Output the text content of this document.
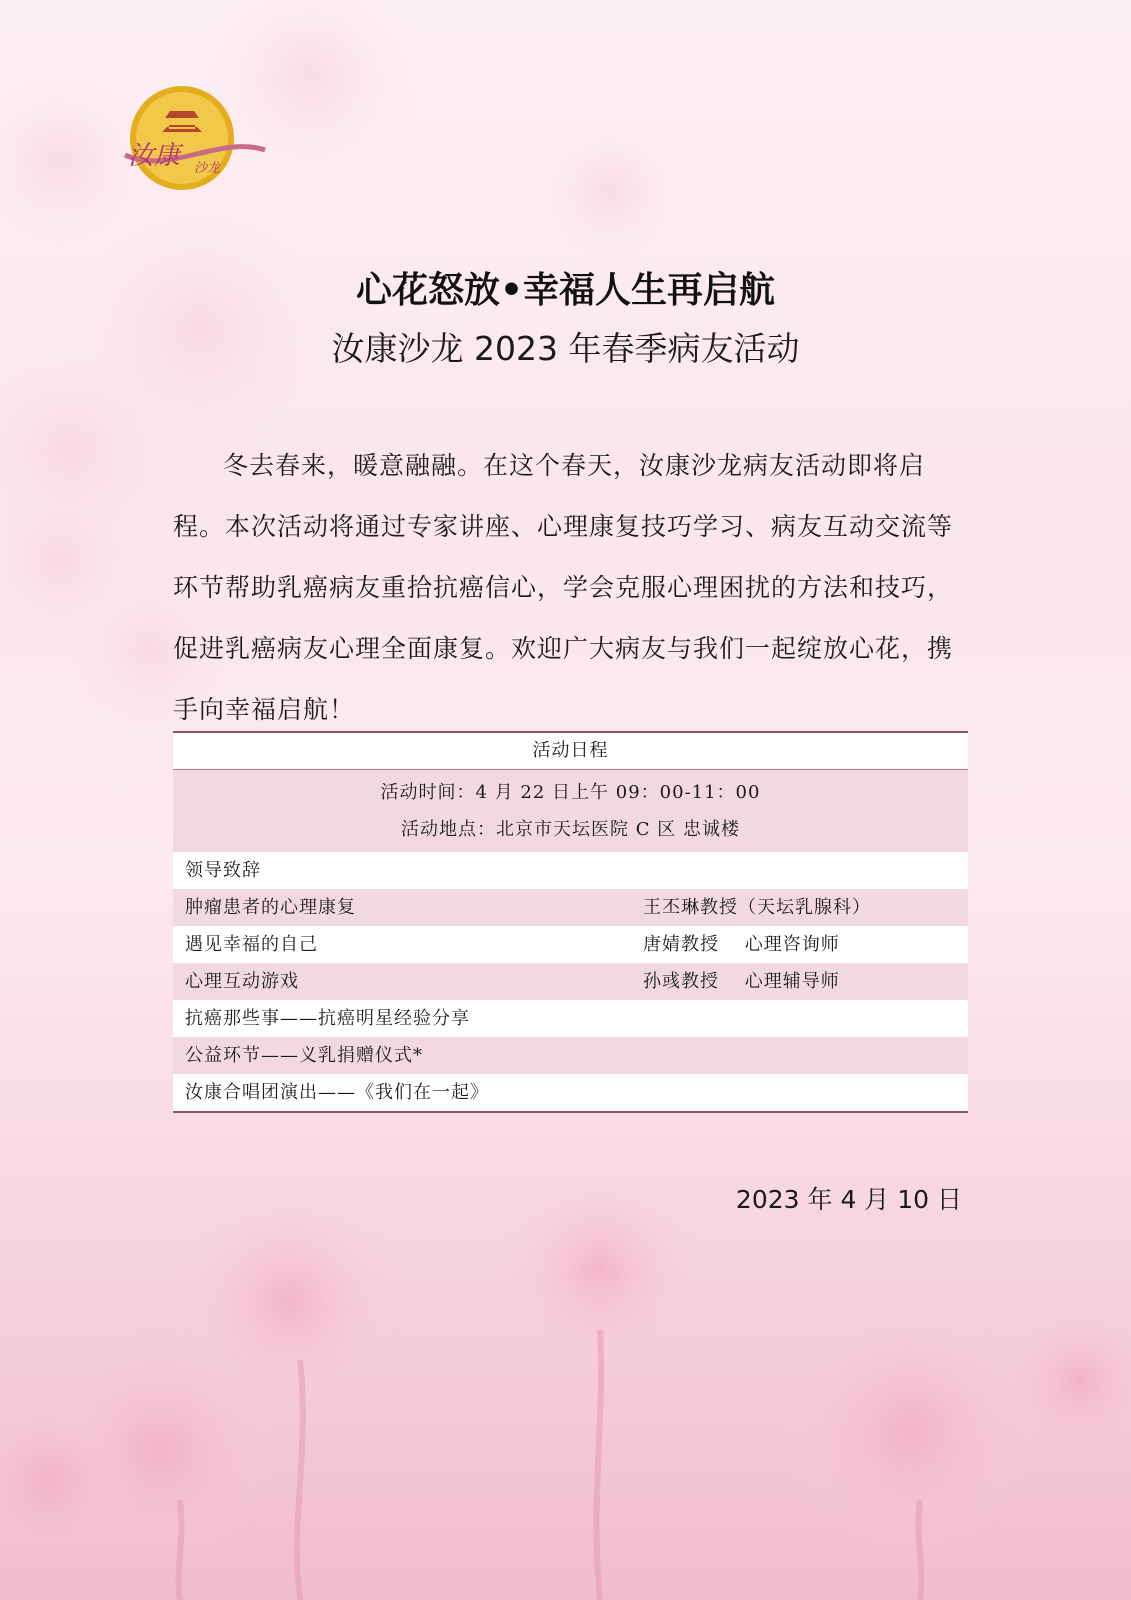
汝康	沙龙
心花怒放•幸福人生再启航
汝康沙龙 2023 年春季病友活动

冬去春来，暖意融融。在这个春天，汝康沙龙病友活动即将启程。本次活动将通过专家讲座、心理康复技巧学习、病友互动交流等环节帮助乳癌病友重拾抗癌信心，学会克服心理困扰的方法和技巧，促进乳癌病友心理全面康复。欢迎广大病友与我们一起绽放心花，携手向幸福启航！

活动日程
活动时间：4 月 22 日上午 09：00-11：00
活动地点：北京市天坛医院 C 区 忠诚楼
领导致辞
肿瘤患者的心理康复	王丕琳教授（天坛乳腺科）
遇见幸福的自己	唐婧教授　 心理咨询师
心理互动游戏	孙彧教授　 心理辅导师
抗癌那些事——抗癌明星经验分享
公益环节——义乳捐赠仪式*
汝康合唱团演出——《我们在一起》
2023 年 4 月 10 日
